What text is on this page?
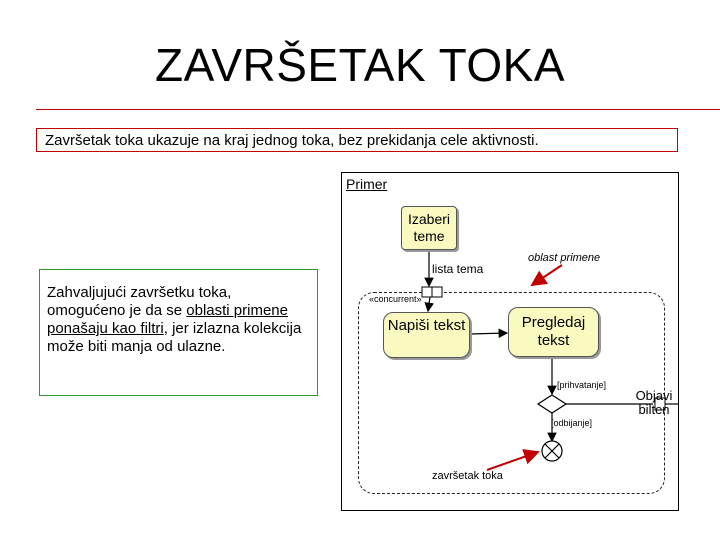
ZAVRŠETAK TOKA
Završetak toka ukazuje na kraj jednog toka, bez prekidanja cele aktivnosti.
Zahvaljujući završetku toka, omogućeno je da se oblasti primene ponašaju kao filtri, jer izlazna kolekcija može biti manja od ulazne.
Primer
Izaberi teme
Napiši tekst	Pregledaj tekst
lista tema
oblast primene
«concurrent»
[prihvatanje]
[odbijanje]
završetak toka
Objavi bilten
